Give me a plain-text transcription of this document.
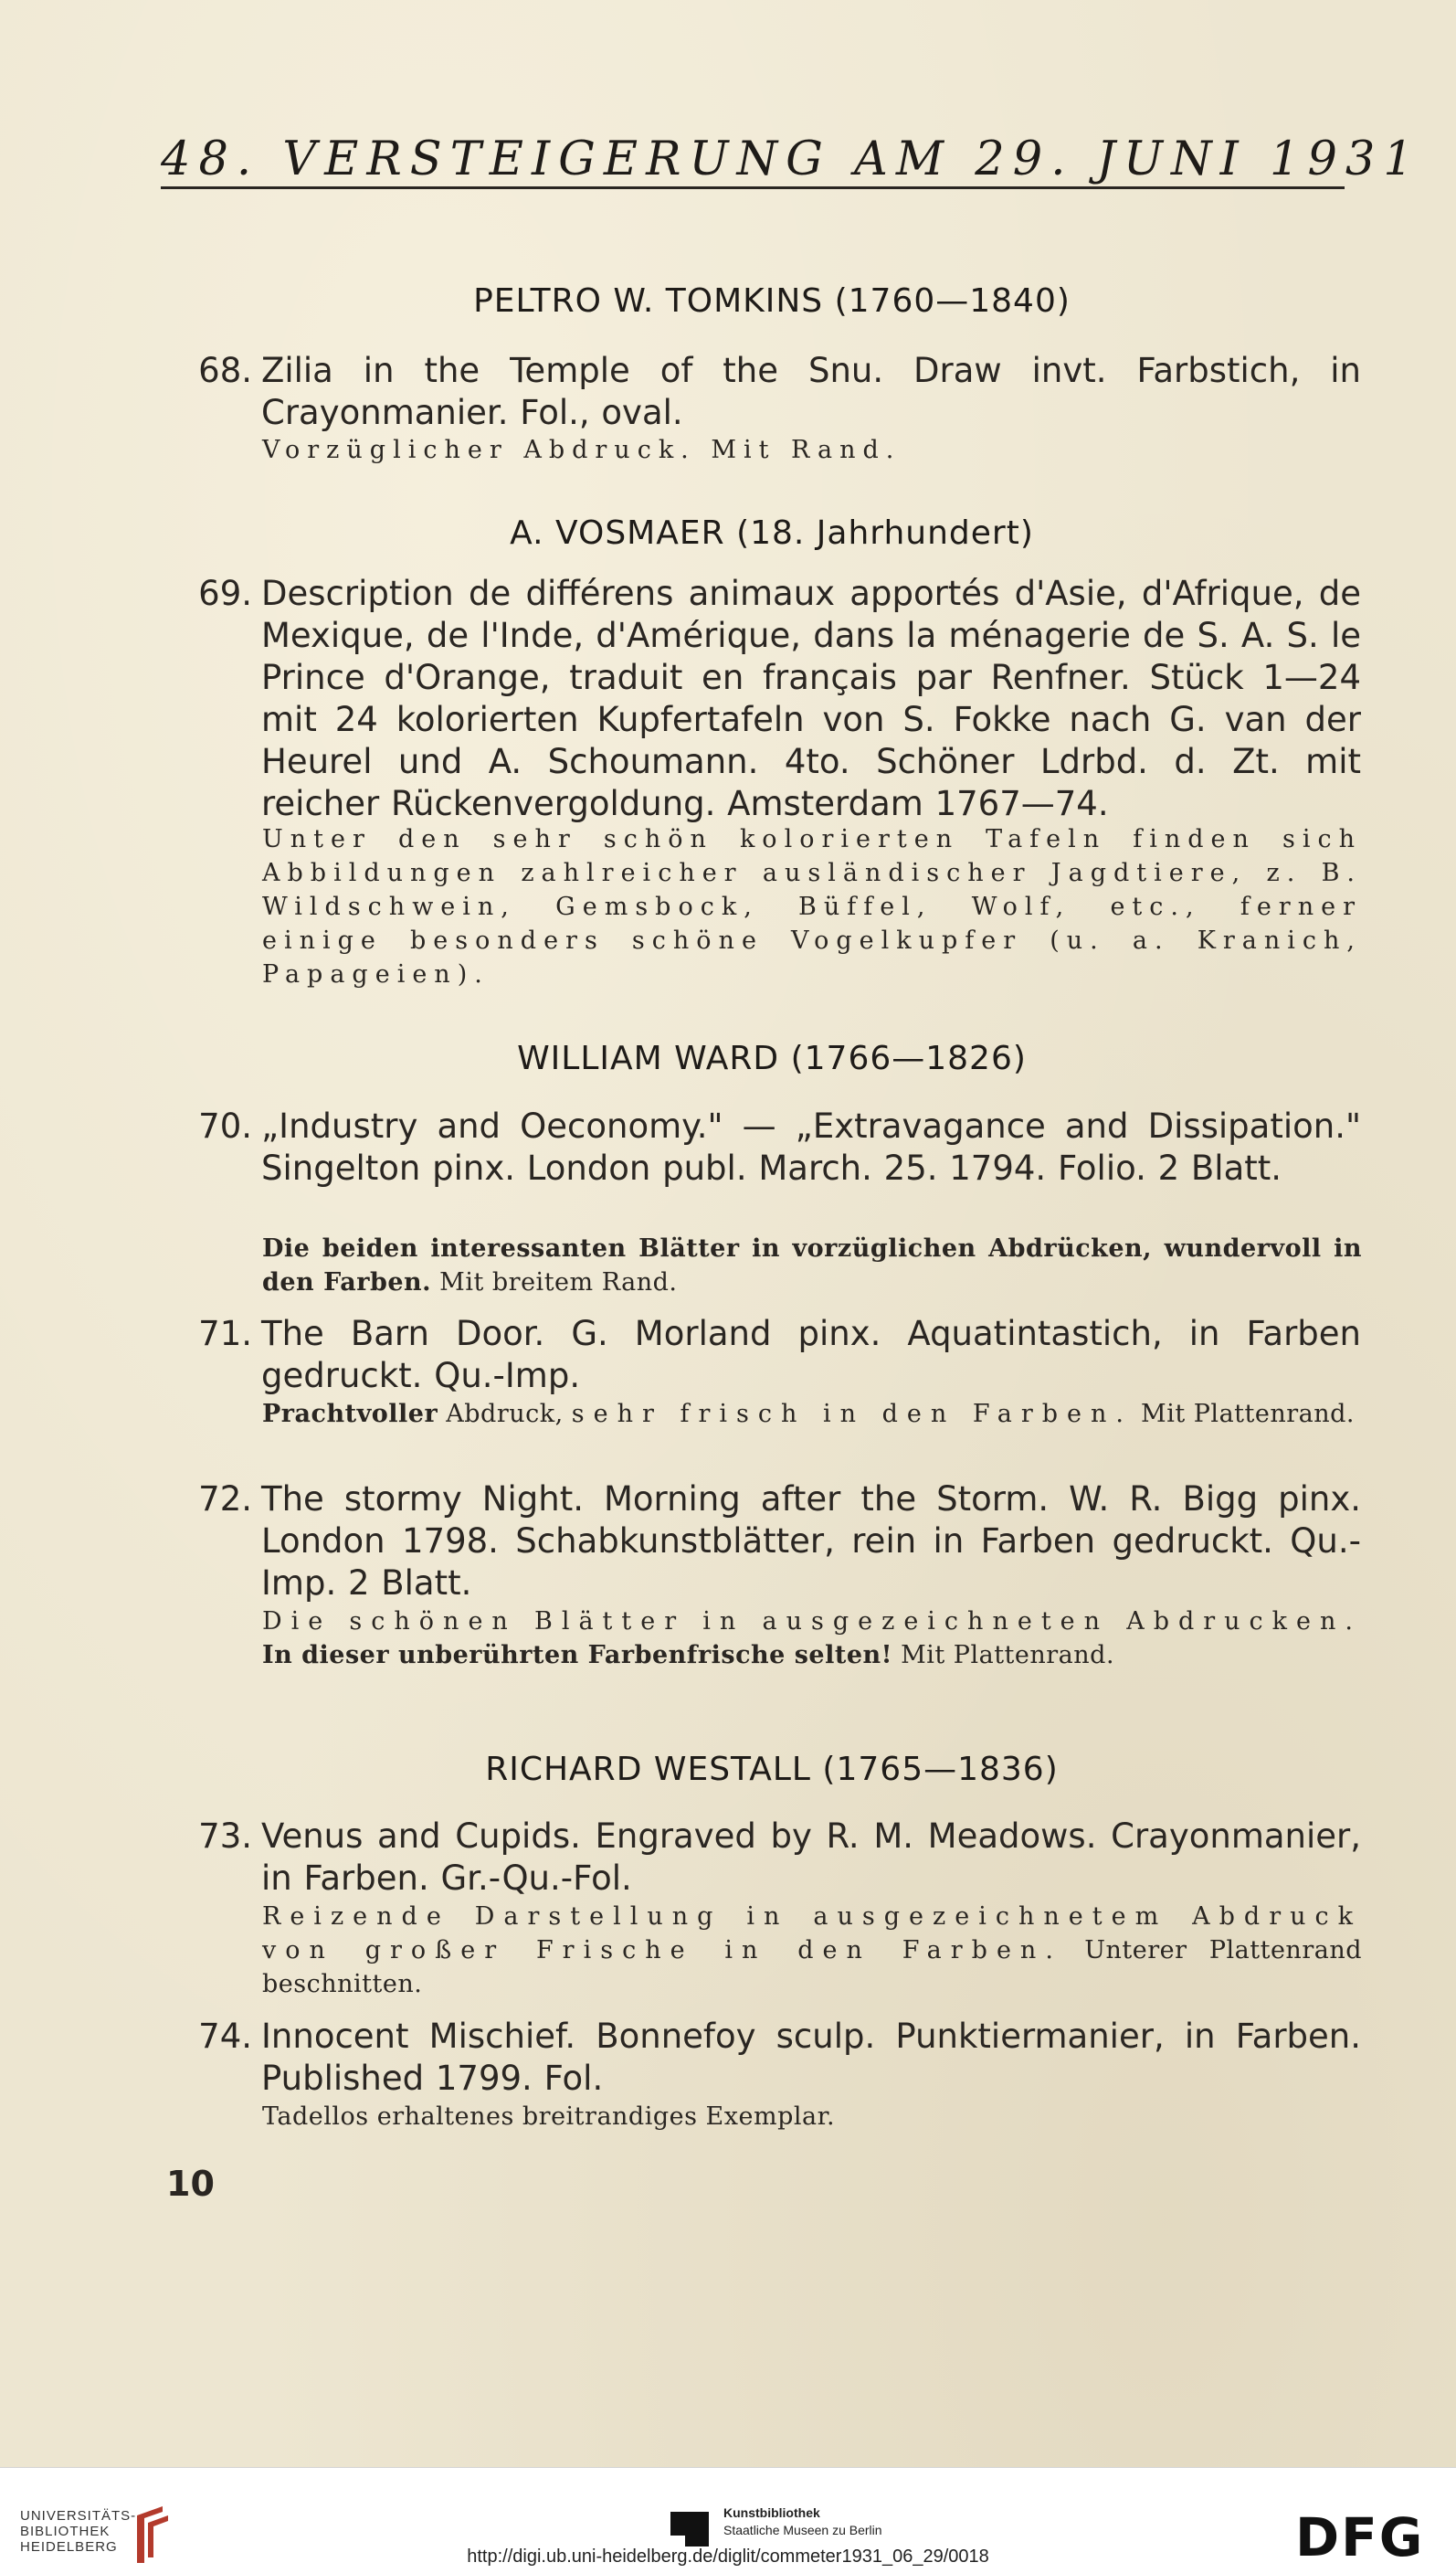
48. VERSTEIGERUNG AM 29. JUNI 1931
PELTRO W. TOMKINS (1760—1840)
68. Zilia in the Temple of the Snu. Draw invt. Farbstich, in Crayonmanier. Fol., oval.
Vorzüglicher Abdruck. Mit Rand.
A. VOSMAER (18. Jahrhundert)
69. Description de différens animaux apportés d'Asie, d'Afrique, de Mexique, de l'Inde, d'Amérique, dans la ménagerie de S. A. S. le Prince d'Orange, traduit en français par Renfner. Stück 1—24 mit 24 kolorierten Kupfertafeln von S. Fokke nach G. van der Heurel und A. Schoumann. 4to. Schöner Ldrbd. d. Zt. mit reicher Rückenvergoldung. Amsterdam 1767—74.
Unter den sehr schön kolorierten Tafeln finden sich Abbildungen zahlreicher ausländischer Jagdtiere, z. B. Wildschwein, Gemsbock, Büffel, Wolf, etc., ferner einige besonders schöne Vogelkupfer (u. a. Kranich, Papageien).
WILLIAM WARD (1766—1826)
70. „Industry and Oeconomy." — „Extravagance and Dissipation." Singelton pinx. London publ. March. 25. 1794. Folio. 2 Blatt.
Die beiden interessanten Blätter in vorzüglichen Abdrücken, wundervoll in den Farben. Mit breitem Rand.
71. The Barn Door. G. Morland pinx. Aquatintastich, in Farben gedruckt. Qu.-Imp.
Prachtvoller Abdruck, sehr frisch in den Farben. Mit Plattenrand.
72. The stormy Night. Morning after the Storm. W. R. Bigg pinx. London 1798. Schabkunstblätter, rein in Farben gedruckt. Qu.-Imp. 2 Blatt.
Die schönen Blätter in ausgezeichneten Abdrucken. In dieser unberührten Farbenfrische selten! Mit Plattenrand.
RICHARD WESTALL (1765—1836)
73. Venus and Cupids. Engraved by R. M. Meadows. Crayonmanier, in Farben. Gr.-Qu.-Fol.
Reizende Darstellung in ausgezeichnetem Abdruck von großer Frische in den Farben. Unterer Plattenrand beschnitten.
74. Innocent Mischief. Bonnefoy sculp. Punktiermanier, in Farben. Published 1799. Fol.
Tadellos erhaltenes breitrandiges Exemplar.
10
UNIVERSITÄTS-
BIBLIOTHEK
HEIDELBERG
Kunstbibliothek
Staatliche Museen zu Berlin	DFG
http://digi.ub.uni-heidelberg.de/diglit/commeter1931_06_29/0018
